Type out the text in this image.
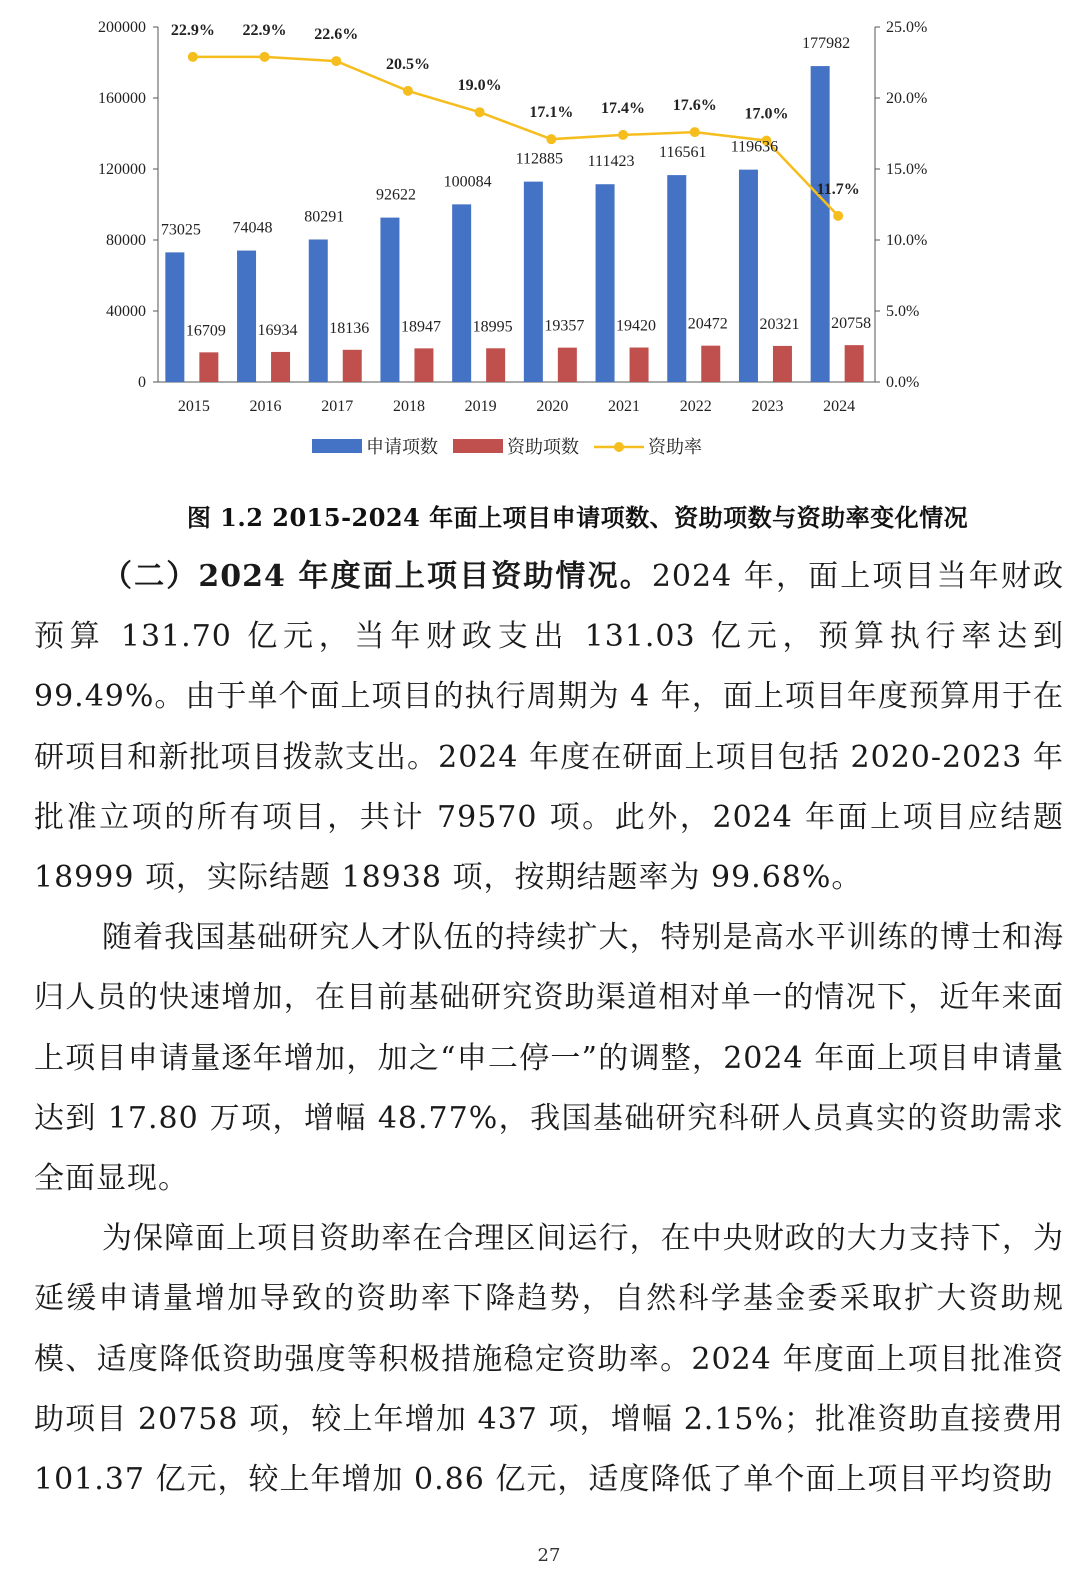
0
40000
80000
120000
160000
200000
0.0%
5.0%
10.0%
15.0%
20.0%
25.0%
2015 2016 2017 2018 2019 2020 2021 2022 2023 2024
73025 74048
80291
92622
100084
112885 111423
116561 119636
177982
16709 16934 18136 18947 18995 19357 19420 20472 20321 20758
22.9% 22.9% 22.6%
20.5%
19.0%
17.1% 17.4% 17.6%
17.0%
11.7%
申请项数	资助项数	资助率
图 1.2 2015-2024 年面上项目申请项数、资助项数与资助率变化情况

（二）2024 年度面上项目资助情况。2024 年，面上项目当年财政预算 131.70 亿元，当年财政支出 131.03 亿元，预算执行率达到 99.49%。由于单个面上项目的执行周期为 4 年，面上项目年度预算用于在研项目和新批项目拨款支出。2024 年度在研面上项目包括 2020-2023 年批准立项的所有项目，共计 79570 项。此外，2024 年面上项目应结题 18999 项，实际结题 18938 项，按期结题率为 99.68%。

随着我国基础研究人才队伍的持续扩大，特别是高水平训练的博士和海归人员的快速增加，在目前基础研究资助渠道相对单一的情况下，近年来面上项目申请量逐年增加，加之“申二停一”的调整，2024 年面上项目申请量达到 17.80 万项，增幅 48.77%，我国基础研究科研人员真实的资助需求全面显现。

为保障面上项目资助率在合理区间运行，在中央财政的大力支持下，为延缓申请量增加导致的资助率下降趋势，自然科学基金委采取扩大资助规模、适度降低资助强度等积极措施稳定资助率。2024 年度面上项目批准资助项目 20758 项，较上年增加 437 项，增幅 2.15%；批准资助直接费用 101.37 亿元，较上年增加 0.86 亿元，适度降低了单个面上项目平均资助

27
